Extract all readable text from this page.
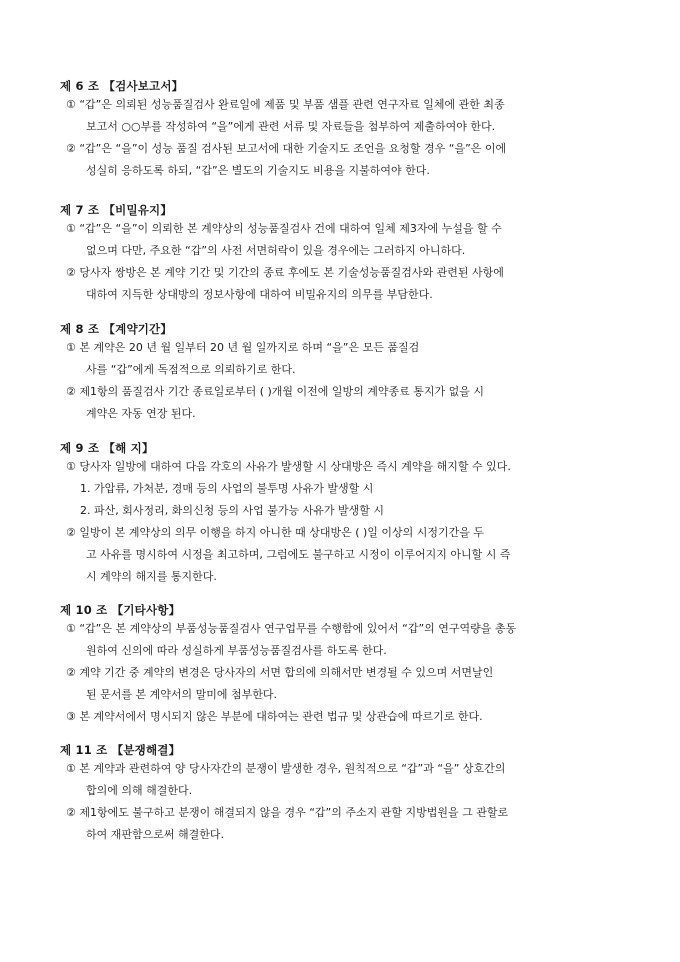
제 6 조 【검사보고서】
① “갑”은 의뢰된 성능품질검사 완료일에 제품 및 부품 샘플 관련 연구자료 일체에 관한 최종
보고서 ○○부를 작성하여 “을”에게 관련 서류 및 자료들을 첨부하여 제출하여야 한다.
② “갑”은 “을”이 성능 품질 검사된 보고서에 대한 기술지도 조언을 요청할 경우 “을”은 이에
성실히 응하도록 하되, “갑”은 별도의 기술지도 비용을 지불하여야 한다.
제 7 조 【비밀유지】
① “갑”은 “을”이 의뢰한 본 계약상의 성능품질검사 건에 대하여 일체 제3자에 누설을 할 수
없으며 다만, 주요한 “갑”의 사전 서면허락이 있을 경우에는 그러하지 아니하다.
② 당사자 쌍방은 본 계약 기간 및 기간의 종료 후에도 본 기술성능품질검사와 관련된 사항에
대하여 지득한 상대방의 정보사항에 대하여 비밀유지의 의무를 부담한다.
제 8 조 【계약기간】
① 본 계약은 20 년 월 일부터 20 년 월 일까지로 하며 “을”은 모든 품질검
사를 “갑”에게 독점적으로 의뢰하기로 한다.
② 제1항의 품질검사 기간 종료일로부터 ( )개월 이전에 일방의 계약종료 통지가 없을 시
계약은 자동 연장 된다.
제 9 조 【해 지】
① 당사자 일방에 대하여 다음 각호의 사유가 발생할 시 상대방은 즉시 계약을 해지할 수 있다.
1. 가압류, 가처분, 경매 등의 사업의 불투명 사유가 발생할 시
2. 파산, 회사정리, 화의신청 등의 사업 불가능 사유가 발생할 시
② 일방이 본 계약상의 의무 이행을 하지 아니한 때 상대방은 ( )일 이상의 시정기간을 두
고 사유를 명시하여 시정을 최고하며, 그럼에도 불구하고 시정이 이루어지지 아니할 시 즉
시 계약의 해지를 통지한다.
제 10 조 【기타사항】
① “갑”은 본 계약상의 부품성능품질검사 연구업무를 수행함에 있어서 “갑”의 연구역량을 총동
원하여 신의에 따라 성실하게 부품성능품질검사를 하도록 한다.
② 계약 기간 중 계약의 변경은 당사자의 서면 합의에 의해서만 변경될 수 있으며 서면날인
된 문서를 본 계약서의 말미에 첨부한다.
③ 본 계약서에서 명시되지 않은 부분에 대하여는 관련 법규 및 상관습에 따르기로 한다.
제 11 조 【분쟁해결】
① 본 계약과 관련하여 양 당사자간의 분쟁이 발생한 경우, 원칙적으로 “갑”과 “을” 상호간의
합의에 의해 해결한다.
② 제1항에도 불구하고 분쟁이 해결되지 않을 경우 “갑”의 주소지 관할 지방법원을 그 관할로
하여 재판함으로써 해결한다.
